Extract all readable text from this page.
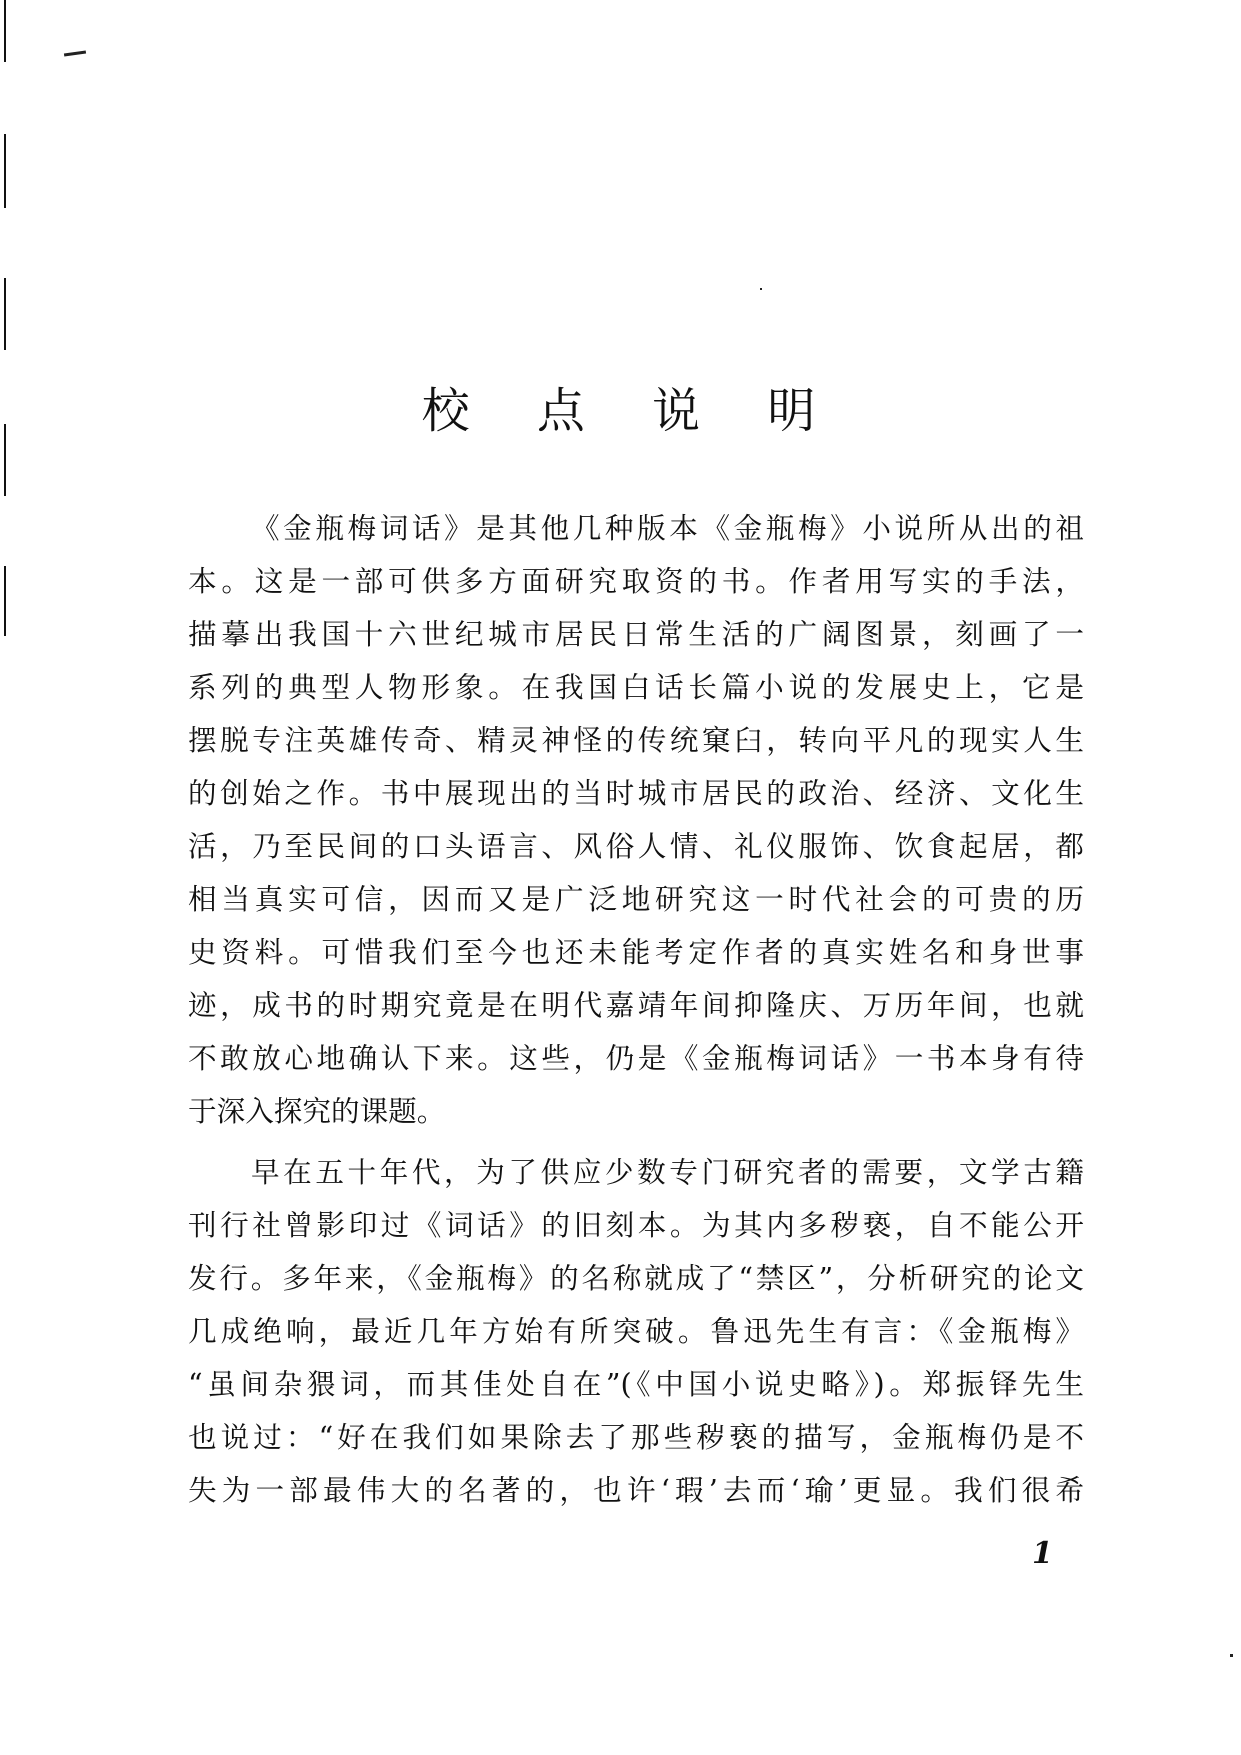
校 点 说 明
《金瓶梅词话》是其他几种版本《金瓶梅》小说所从出的祖
本。这是一部可供多方面研究取资的书。作者用写实的手法，
描摹出我国十六世纪城市居民日常生活的广阔图景，刻画了一
系列的典型人物形象。在我国白话长篇小说的发展史上，它是
摆脱专注英雄传奇、精灵神怪的传统窠臼，转向平凡的现实人生
的创始之作。书中展现出的当时城市居民的政治、经济、文化生
活，乃至民间的口头语言、风俗人情、礼仪服饰、饮食起居，都
相当真实可信，因而又是广泛地研究这一时代社会的可贵的历
史资料。可惜我们至今也还未能考定作者的真实姓名和身世事
迹，成书的时期究竟是在明代嘉靖年间抑隆庆、万历年间，也就
不敢放心地确认下来。这些，仍是《金瓶梅词话》一书本身有待
于深入探究的课题。
早在五十年代，为了供应少数专门研究者的需要，文学古籍
刊行社曾影印过《词话》的旧刻本。为其内多秽亵，自不能公开
发行。多年来，《金瓶梅》的名称就成了“禁区”，分析研究的论文
几成绝响，最近几年方始有所突破。鲁迅先生有言：《金瓶梅》
“虽间杂猥词，而其佳处自在”(《中国小说史略》)。郑振铎先生
也说过：“好在我们如果除去了那些秽亵的描写，金瓶梅仍是不
失为一部最伟大的名著的，也许‘瑕’去而‘瑜’更显。我们很希
1
